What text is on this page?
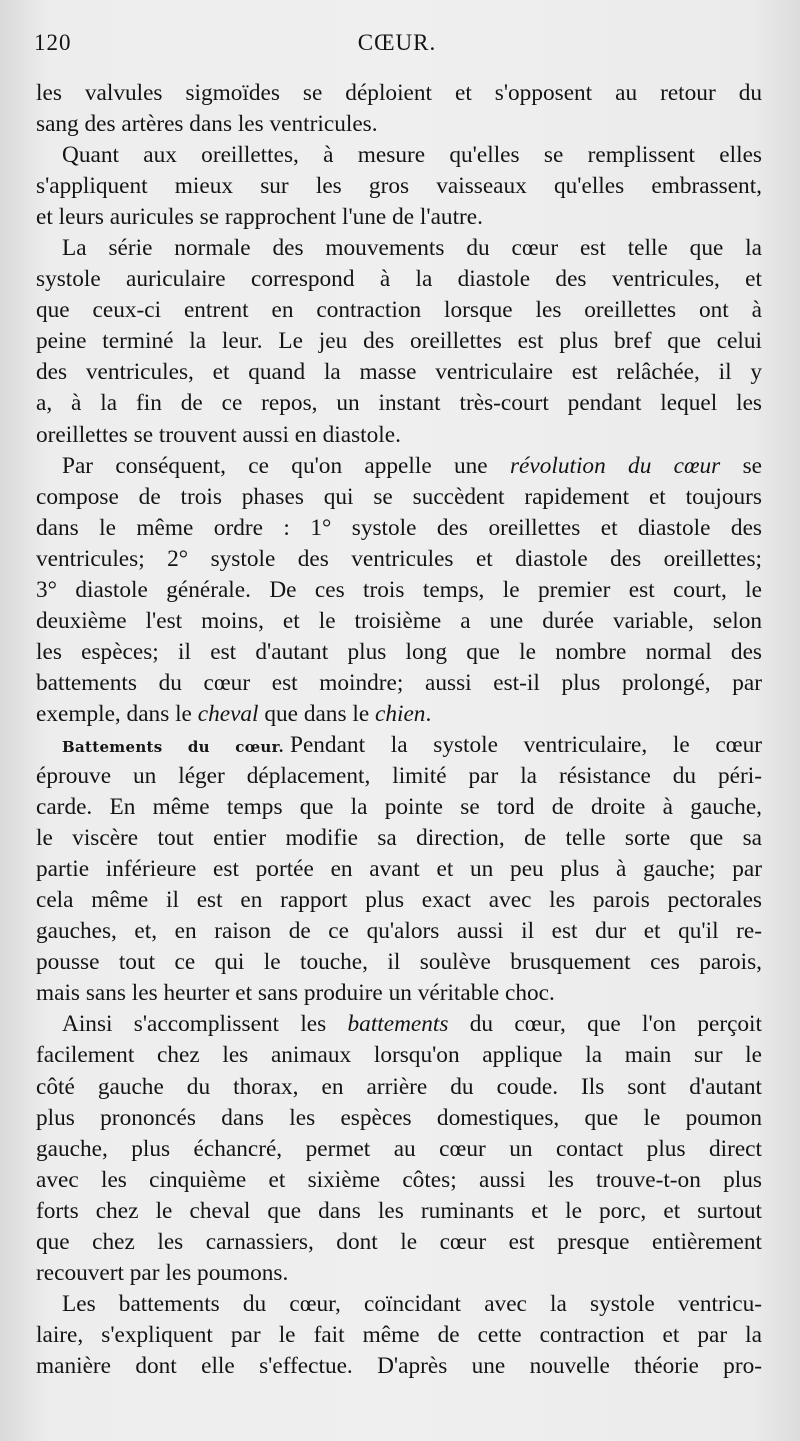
120	CŒUR.
les valvules sigmoïdes se déploient et s'opposent au retour du
sang des artères dans les ventricules.
Quant aux oreillettes, à mesure qu'elles se remplissent elles
s'appliquent mieux sur les gros vaisseaux qu'elles embrassent,
et leurs auricules se rapprochent l'une de l'autre.
La série normale des mouvements du cœur est telle que la
systole auriculaire correspond à la diastole des ventricules, et
que ceux-ci entrent en contraction lorsque les oreillettes ont à
peine terminé la leur. Le jeu des oreillettes est plus bref que celui
des ventricules, et quand la masse ventriculaire est relâchée, il y
a, à la fin de ce repos, un instant très-court pendant lequel les
oreillettes se trouvent aussi en diastole.
Par conséquent, ce qu'on appelle une révolution du cœur se
compose de trois phases qui se succèdent rapidement et toujours
dans le même ordre : 1° systole des oreillettes et diastole des
ventricules; 2° systole des ventricules et diastole des oreillettes;
3° diastole générale. De ces trois temps, le premier est court, le
deuxième l'est moins, et le troisième a une durée variable, selon
les espèces; il est d'autant plus long que le nombre normal des
battements du cœur est moindre; aussi est-il plus prolongé, par
exemple, dans le cheval que dans le chien.
Battements du cœur. Pendant la systole ventriculaire, le cœur
éprouve un léger déplacement, limité par la résistance du péri-
carde. En même temps que la pointe se tord de droite à gauche,
le viscère tout entier modifie sa direction, de telle sorte que sa
partie inférieure est portée en avant et un peu plus à gauche; par
cela même il est en rapport plus exact avec les parois pectorales
gauches, et, en raison de ce qu'alors aussi il est dur et qu'il re-
pousse tout ce qui le touche, il soulève brusquement ces parois,
mais sans les heurter et sans produire un véritable choc.
Ainsi s'accomplissent les battements du cœur, que l'on perçoit
facilement chez les animaux lorsqu'on applique la main sur le
côté gauche du thorax, en arrière du coude. Ils sont d'autant
plus prononcés dans les espèces domestiques, que le poumon
gauche, plus échancré, permet au cœur un contact plus direct
avec les cinquième et sixième côtes; aussi les trouve-t-on plus
forts chez le cheval que dans les ruminants et le porc, et surtout
que chez les carnassiers, dont le cœur est presque entièrement
recouvert par les poumons.
Les battements du cœur, coïncidant avec la systole ventricu-
laire, s'expliquent par le fait même de cette contraction et par la
manière dont elle s'effectue. D'après une nouvelle théorie pro-
